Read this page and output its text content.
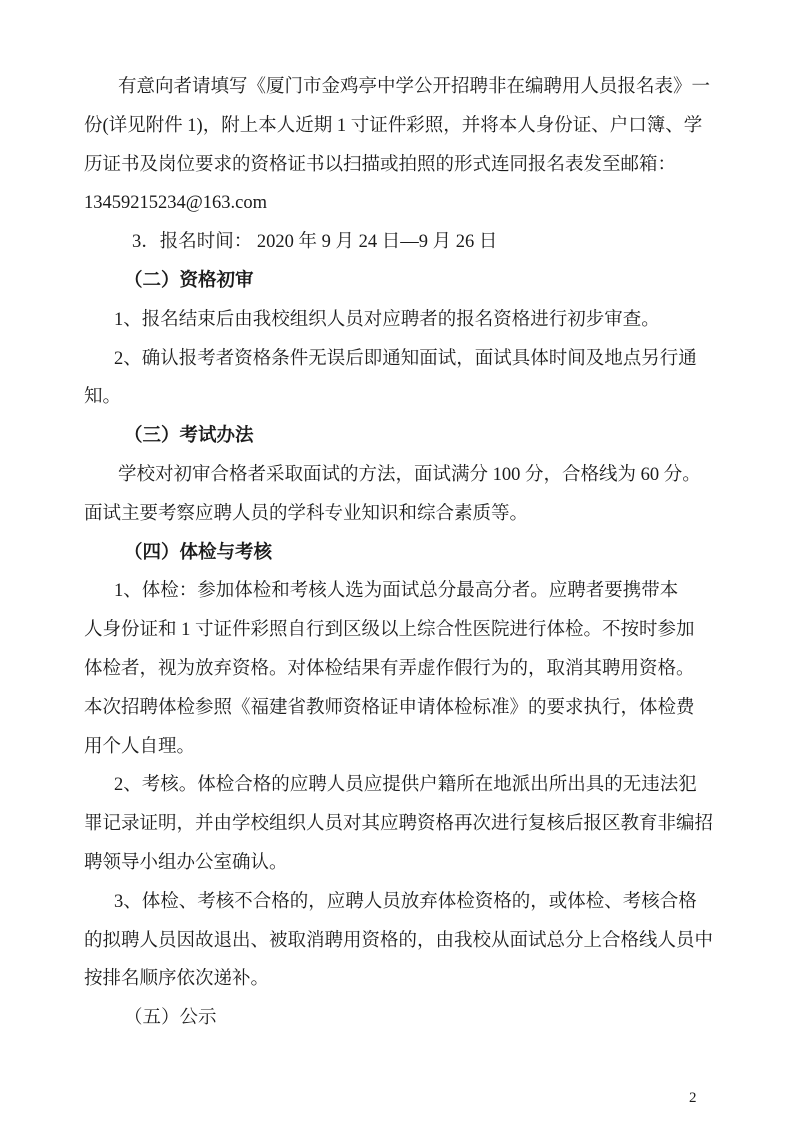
有意向者请填写《厦门市金鸡亭中学公开招聘非在编聘用人员报名表》一
份(详见附件 1)，附上本人近期 1 寸证件彩照，并将本人身份证、户口簿、学
历证书及岗位要求的资格证书以扫描或拍照的形式连同报名表发至邮箱：
13459215234@163.com
3．报名时间： 2020 年 9 月 24 日—9 月 26 日
（二）资格初审
1、报名结束后由我校组织人员对应聘者的报名资格进行初步审查。
2、确认报考者资格条件无误后即通知面试，面试具体时间及地点另行通
知。
（三）考试办法
学校对初审合格者采取面试的方法，面试满分 100 分，合格线为 60 分。
面试主要考察应聘人员的学科专业知识和综合素质等。
（四）体检与考核
1、体检：参加体检和考核人选为面试总分最高分者。应聘者要携带本
人身份证和 1 寸证件彩照自行到区级以上综合性医院进行体检。不按时参加
体检者，视为放弃资格。对体检结果有弄虚作假行为的，取消其聘用资格。
本次招聘体检参照《福建省教师资格证申请体检标准》的要求执行，体检费
用个人自理。
2、考核。体检合格的应聘人员应提供户籍所在地派出所出具的无违法犯
罪记录证明，并由学校组织人员对其应聘资格再次进行复核后报区教育非编招
聘领导小组办公室确认。
3、体检、考核不合格的，应聘人员放弃体检资格的，或体检、考核合格
的拟聘人员因故退出、被取消聘用资格的，由我校从面试总分上合格线人员中
按排名顺序依次递补。
（五）公示
2
